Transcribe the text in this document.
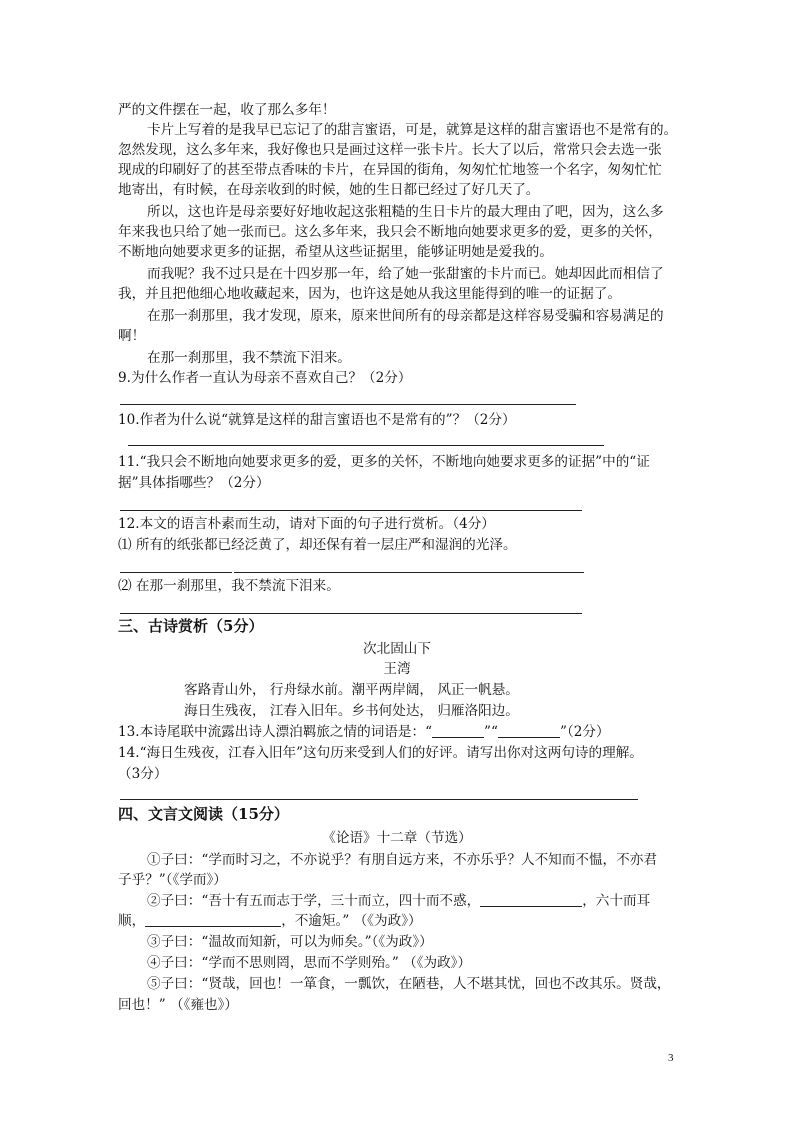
严的文件摆在一起，收了那么多年！
卡片上写着的是我早已忘记了的甜言蜜语，可是，就算是这样的甜言蜜语也不是常有的。
忽然发现，这么多年来，我好像也只是画过这样一张卡片。长大了以后，常常只会去选一张
现成的印刷好了的甚至带点香味的卡片，在异国的街角，匆匆忙忙地签一个名字，匆匆忙忙
地寄出，有时候，在母亲收到的时候，她的生日都已经过了好几天了。
所以，这也许是母亲要好好地收起这张粗糙的生日卡片的最大理由了吧，因为，这么多
年来我也只给了她一张而已。这么多年来，我只会不断地向她要求更多的爱，更多的关怀，
不断地向她要求更多的证据，希望从这些证据里，能够证明她是爱我的。
而我呢？我不过只是在十四岁那一年，给了她一张甜蜜的卡片而已。她却因此而相信了
我，并且把他细心地收藏起来，因为，也许这是她从我这里能得到的唯一的证据了。
在那一刹那里，我才发现，原来，原来世间所有的母亲都是这样容易受骗和容易满足的
啊！
在那一刹那里，我不禁流下泪来。
9.为什么作者一直认为母亲不喜欢自己？（2分）
10.作者为什么说“就算是这样的甜言蜜语也不是常有的”？（2分）
11.“我只会不断地向她要求更多的爱，更多的关怀，不断地向她要求更多的证据”中的“证
据”具体指哪些？（2分）
12.本文的语言朴素而生动，请对下面的句子进行赏析。（4分）
⑴ 所有的纸张都已经泛黄了，却还保有着一层庄严和湿润的光泽。
⑵ 在那一刹那里，我不禁流下泪来。
三、古诗赏析（5分）
次北固山下
王湾
客路青山外， 行舟绿水前。潮平两岸阔， 风正一帆悬。
海日生残夜， 江春入旧年。乡书何处达， 归雁洛阳边。
13.本诗尾联中流露出诗人漂泊羁旅之情的词语是：“	”“	”（2分）
14.“海日生残夜，江春入旧年”这句历来受到人们的好评。请写出你对这两句诗的理解。
（3分）
四、文言文阅读（15分）
《论语》十二章（节选）
①子曰：“学而时习之，不亦说乎？有朋自远方来，不亦乐乎？人不知而不愠，不亦君
子乎？”（《学而》）
②子曰：“吾十有五而志于学，三十而立，四十而不惑，	，六十而耳
顺，	，不逾矩。” （《为政》）
③子曰：“温故而知新，可以为师矣。”（《为政》）
④子曰：“学而不思则罔，思而不学则殆。” （《为政》）
⑤子曰：“贤哉，回也！一箪食，一瓢饮，在陋巷，人不堪其忧，回也不改其乐。贤哉，
回也！” （《雍也》）
3
